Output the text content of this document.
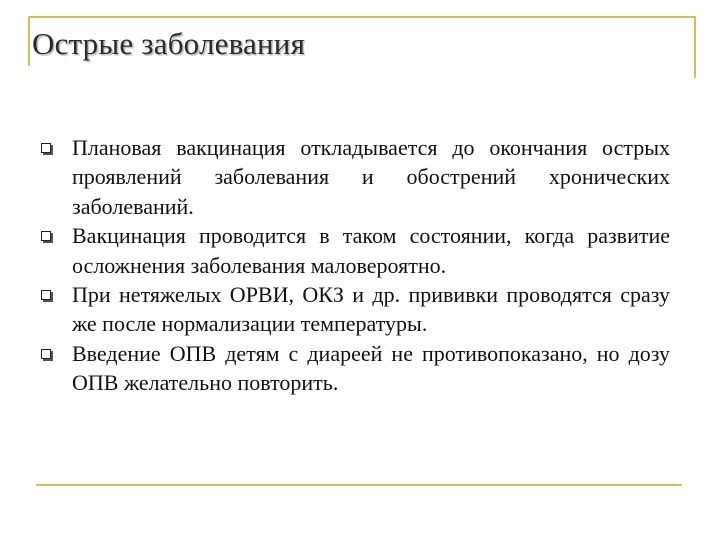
Острые заболевания
Плановая вакцинация откладывается до окончания острых проявлений заболевания и обострений хронических заболеваний.
Вакцинация проводится в таком состоянии, когда развитие осложнения заболевания маловероятно.
При нетяжелых ОРВИ, ОКЗ и др. прививки проводятся сразу же после нормализации температуры.
Введение ОПВ детям с диареей не противопоказано, но дозу ОПВ желательно повторить.
